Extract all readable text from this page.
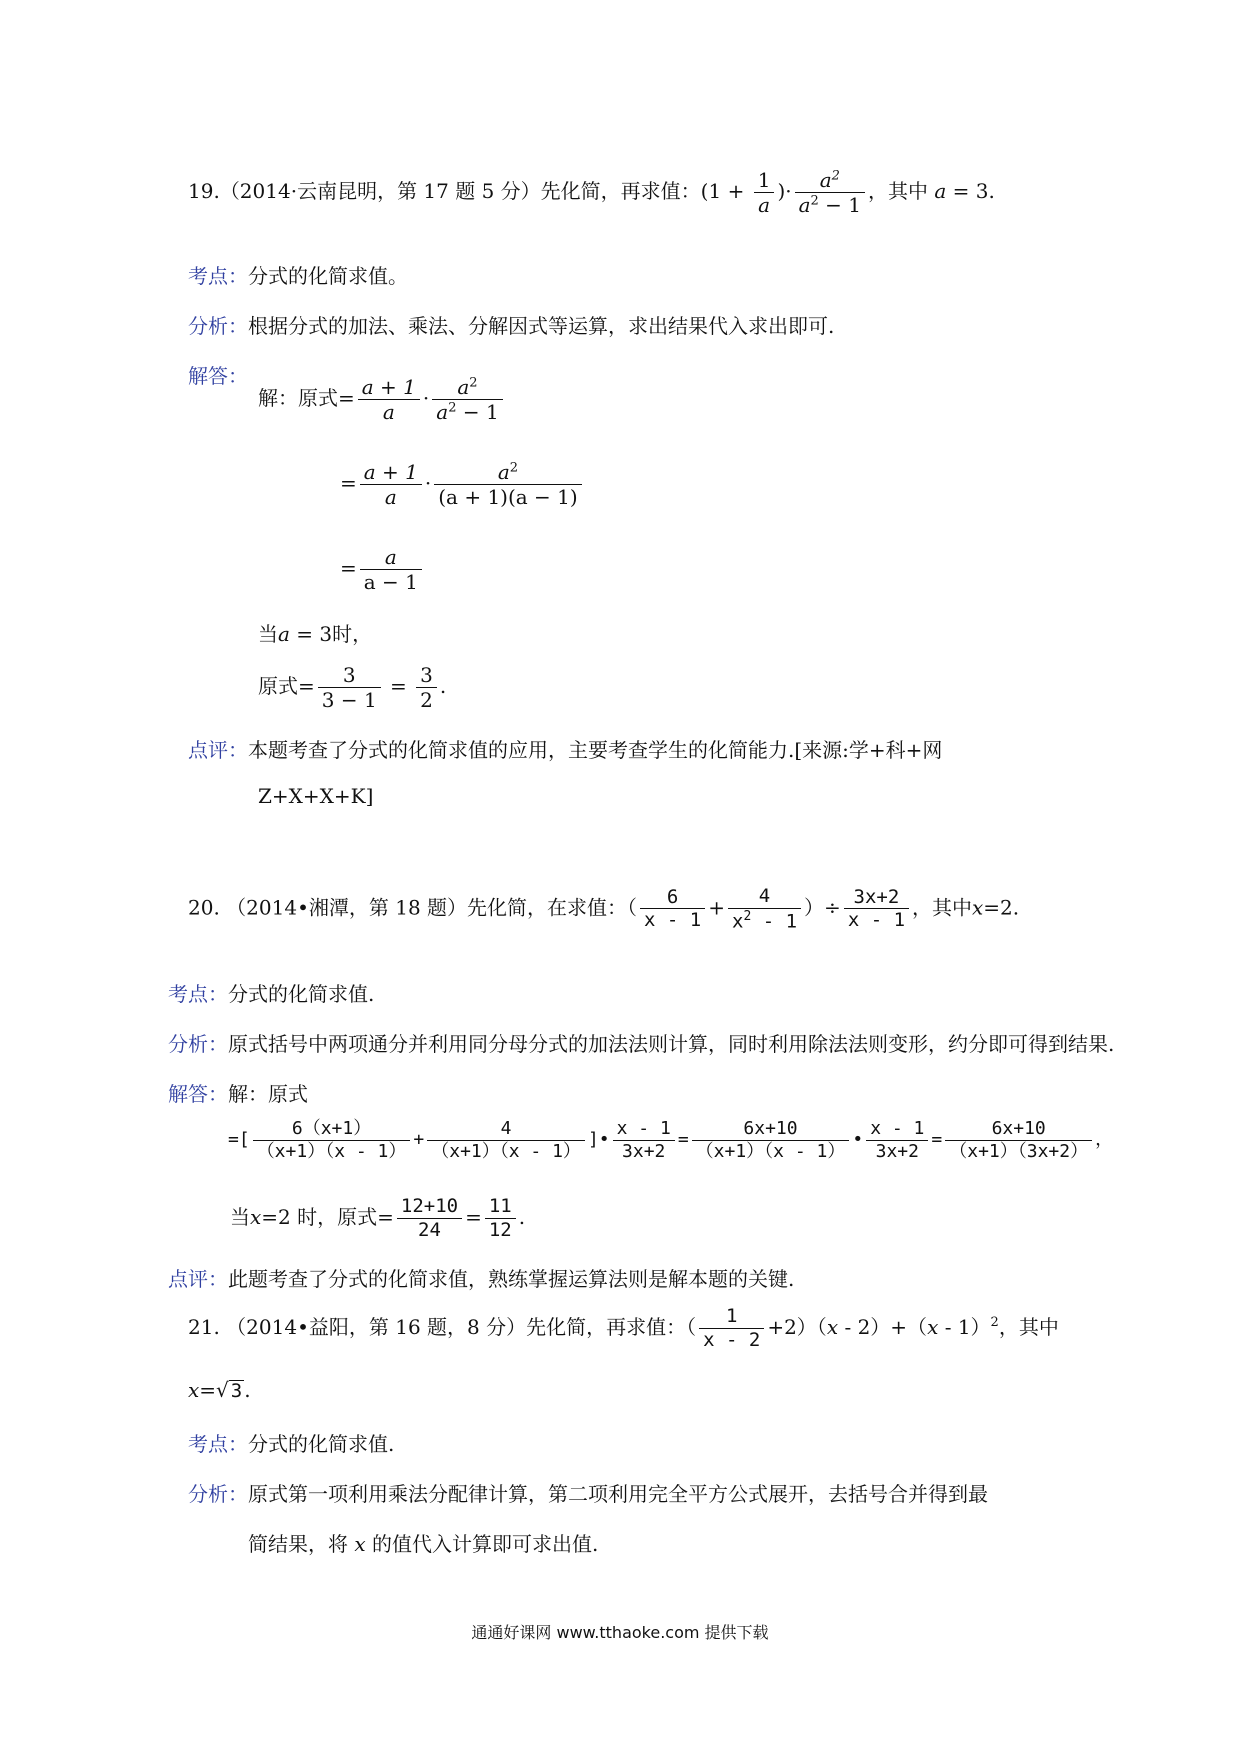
19.（2014·云南昆明，第 17 题 5 分）先化简，再求值：($1 + \frac{1}{a}$ )· $\frac{a^2}{a^2 - 1}$ ，其中 a = 3.
考点：分式的化简求值。
分析：根据分式的加法、乘法、分解因式等运算，求出结果代入求出即可.
解答：
解：原式= $\frac{a + 1}{a} \cdot \frac{a^2}{a^2 - 1}$
= $\frac{a + 1}{a} \cdot \frac{a^2}{(a + 1)(a - 1)}$
= $\frac{a}{a - 1}$
当a = 3时，
原式= $\frac{3}{3 - 1} = \frac{3}{2}$ .
点评：本题考查了分式的化简求值的应用，主要考查学生的化简能力.[来源:学+科+网
Z+X+X+K]
20. （2014•湘潭，第 18 题）先化简，在求值：（ $\frac{6}{x - 1} + \frac{4}{x^2 - 1}$ ）÷ $\frac{3x+2}{x - 1}$ ，其中x=2.
考点：分式的化简求值.
分析：原式括号中两项通分并利用同分母分式的加法法则计算，同时利用除法法则变形，约分即可得到结果.
解答：解：原式
=[ $\frac{6(x+1)}{(x+1)(x - 1)} + \frac{4}{(x+1)(x - 1)}$ ]• $\frac{x - 1}{3x+2} = \frac{6x+10}{(x+1)(x - 1)}$ • $\frac{x - 1}{3x+2} = \frac{6x+10}{(x+1)(3x+2)}$ ，
当x=2 时，原式= $\frac{12+10}{24} = \frac{11}{12}$ .
点评：此题考查了分式的化简求值，熟练掌握运算法则是解本题的关键.
21. （2014•益阳，第 16 题，8 分）先化简，再求值：（ $\frac{1}{x - 2} +2)(x - 2)+(x - 1)^2$，其中
x=√ 3 .
考点：分式的化简求值.
分析：原式第一项利用乘法分配律计算，第二项利用完全平方公式展开，去括号合并得到最
简结果，将 x 的值代入计算即可求出值.
通通好课网 www.tthaoke.com 提供下载
